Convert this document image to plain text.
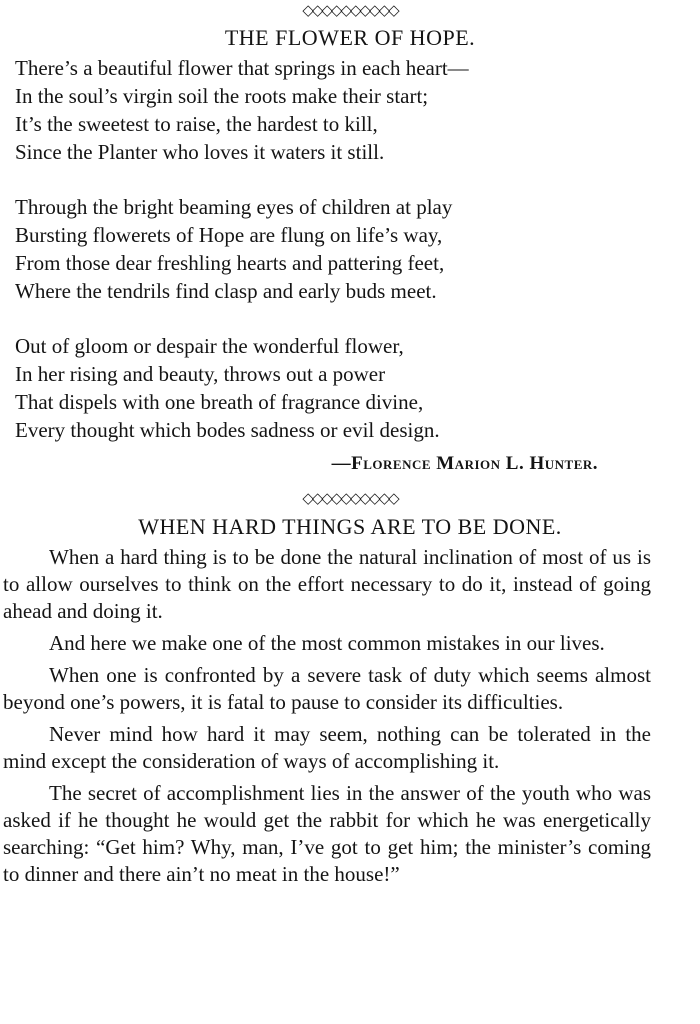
◇◇◇◇◇◇◇◇◇◇
THE FLOWER OF HOPE.
There’s a beautiful flower that springs in each heart—
In the soul’s virgin soil the roots make their start;
It’s the sweetest to raise, the hardest to kill,
Since the Planter who loves it waters it still.
Through the bright beaming eyes of children at play
Bursting flowerets of Hope are flung on life’s way,
From those dear freshling hearts and pattering feet,
Where the tendrils find clasp and early buds meet.
Out of gloom or despair the wonderful flower,
In her rising and beauty, throws out a power
That dispels with one breath of fragrance divine,
Every thought which bodes sadness or evil design.
—Florence Marion L. Hunter.
◇◇◇◇◇◇◇◇◇◇
WHEN HARD THINGS ARE TO BE DONE.

When a hard thing is to be done the natural inclination of most of us is to allow ourselves to think on the effort necessary to do it, instead of going ahead and doing it.

And here we make one of the most common mistakes in our lives.

When one is confronted by a severe task of duty which seems almost beyond one’s powers, it is fatal to pause to consider its difficulties.

Never mind how hard it may seem, nothing can be tolerated in the mind except the consideration of ways of accomplishing it.

The secret of accomplishment lies in the answer of the youth who was asked if he thought he would get the rabbit for which he was energetically searching: “Get him? Why, man, I’ve got to get him; the minister’s coming to dinner and there ain’t no meat in the house!”
